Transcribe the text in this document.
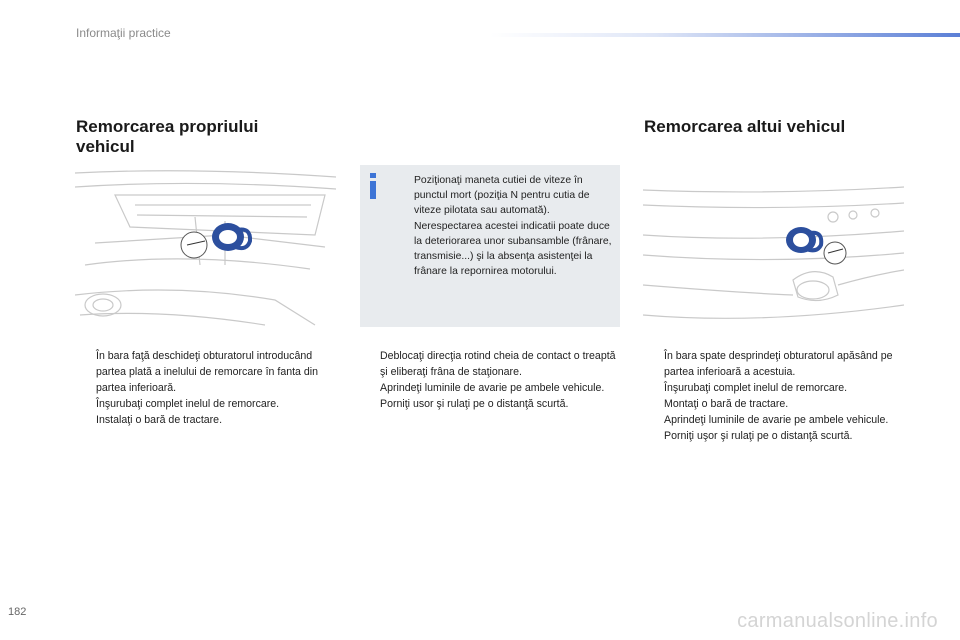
Informaţii practice
Remorcarea propriului
vehicul
În bara faţă deschideţi obturatorul introducând partea plată a inelului de remorcare în fanta din partea inferioară.
Înşurubaţi complet inelul de remorcare.
Instalaţi o bară de tractare.

Poziţionaţi maneta cutiei de viteze în punctul mort (poziţia N pentru cutia de viteze pilotata sau automată).

Nerespectarea acestei indicatii poate duce la deteriorarea unor subansamble (frânare, transmisie...) şi la absenţa asistenţei la frânare la repornirea motorului.

Deblocaţi direcţia rotind cheia de contact o treaptă şi eliberaţi frâna de staţionare.
Aprindeţi luminile de avarie pe ambele vehicule.
Porniţi usor şi rulaţi pe o distanţă scurtă.
Remorcarea altui vehicul
În bara spate desprindeţi obturatorul apăsând pe partea inferioară a acestuia.
Înşurubaţi complet inelul de remorcare.
Montaţi o bară de tractare.
Aprindeţi luminile de avarie pe ambele vehicule.
Porniţi uşor şi rulaţi pe o distanţă scurtă.
182	carmanualsonline.info
